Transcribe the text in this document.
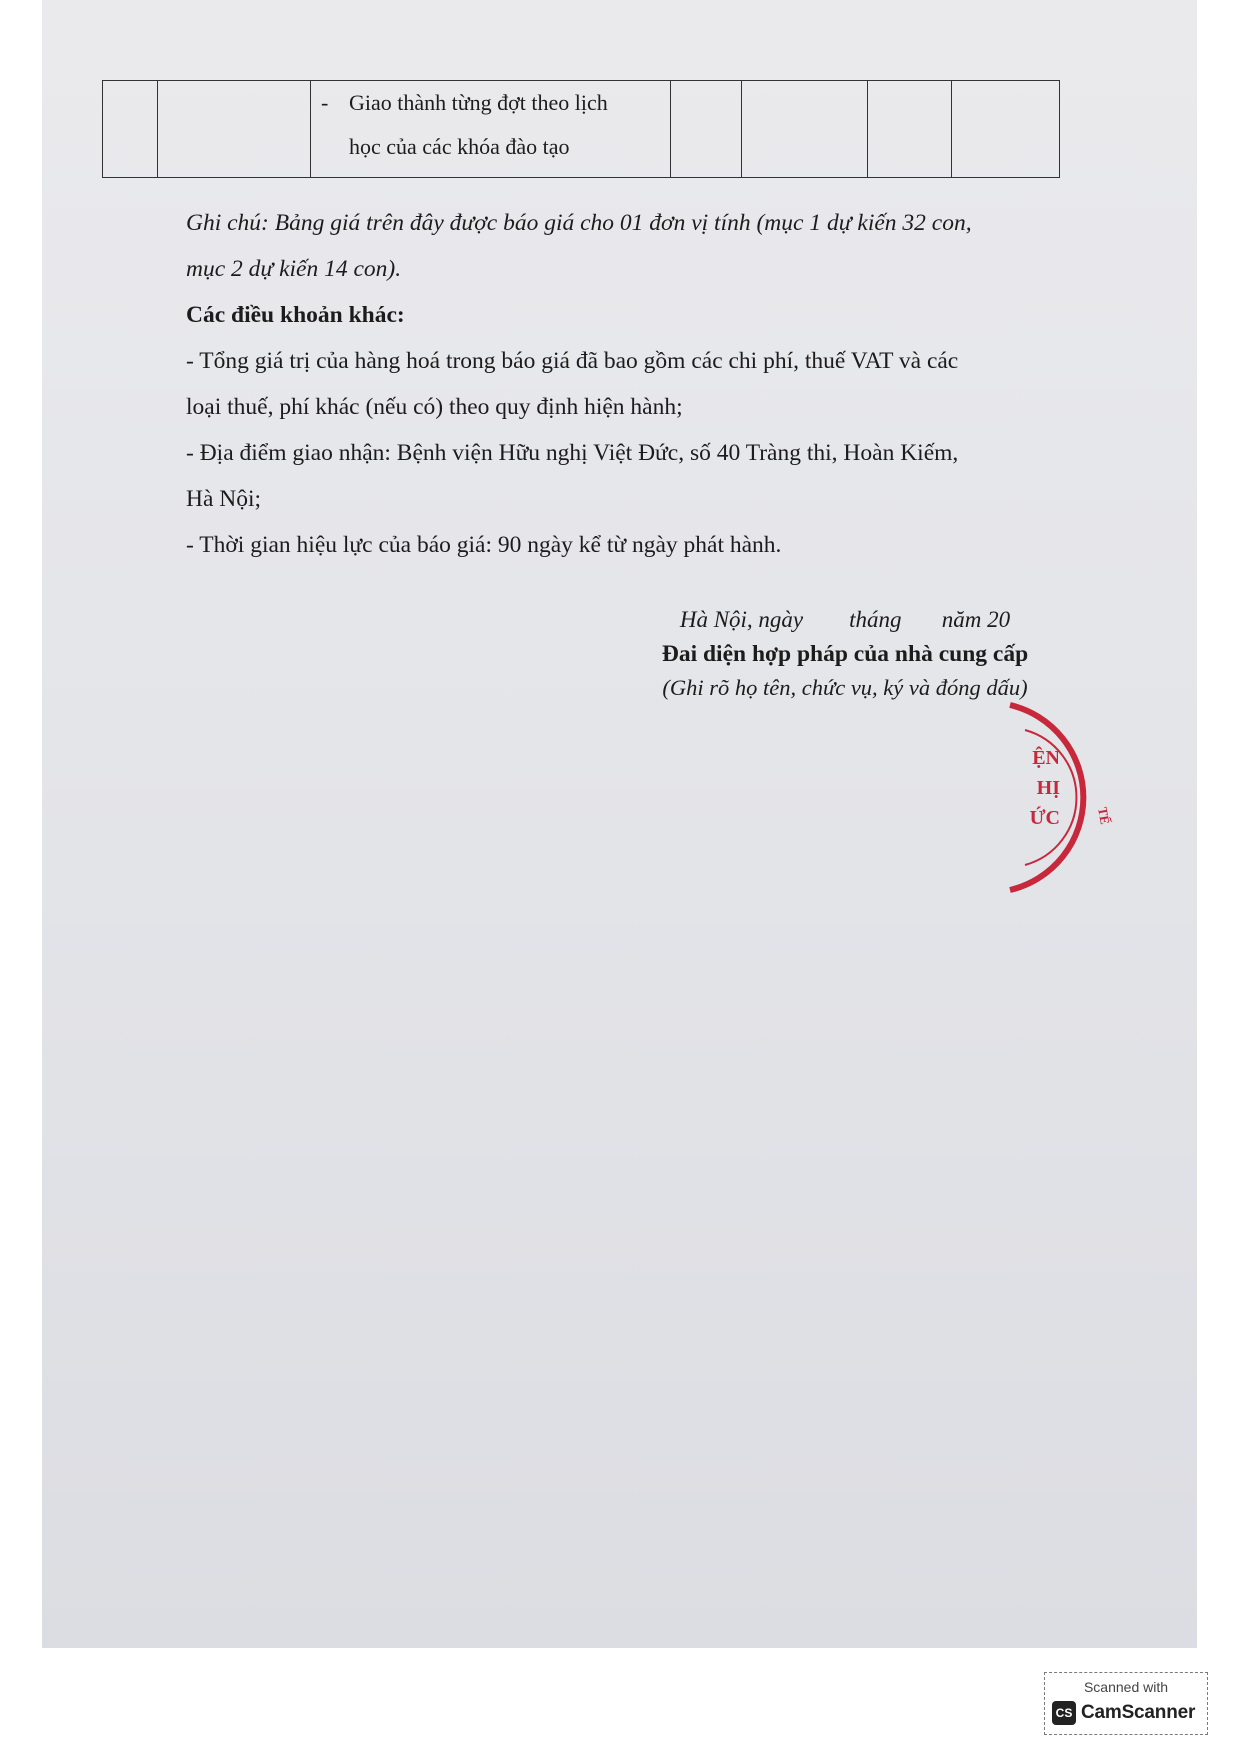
- Giao thành từng đợt theo lịch
học của các khóa đào tạo

Ghi chú: Bảng giá trên đây được báo giá cho 01 đơn vị tính (mục 1 dự kiến 32 con,

mục 2 dự kiến 14 con).

Các điều khoản khác:

- Tổng giá trị của hàng hoá trong báo giá đã bao gồm các chi phí, thuế VAT và các

loại thuế, phí khác (nếu có) theo quy định hiện hành;

- Địa điểm giao nhận: Bệnh viện Hữu nghị Việt Đức, số 40 Tràng thi, Hoàn Kiếm,

Hà Nội;

- Thời gian hiệu lực của báo giá: 90 ngày kể từ ngày phát hành.

Hà Nội, ngày        tháng       năm 20
Đai diện hợp pháp của nhà cung cấp
(Ghi rõ họ tên, chức vụ, ký và đóng dấu)
ỆN
HỊ
ỨC	TẾ
Scanned with
CS CamScanner
